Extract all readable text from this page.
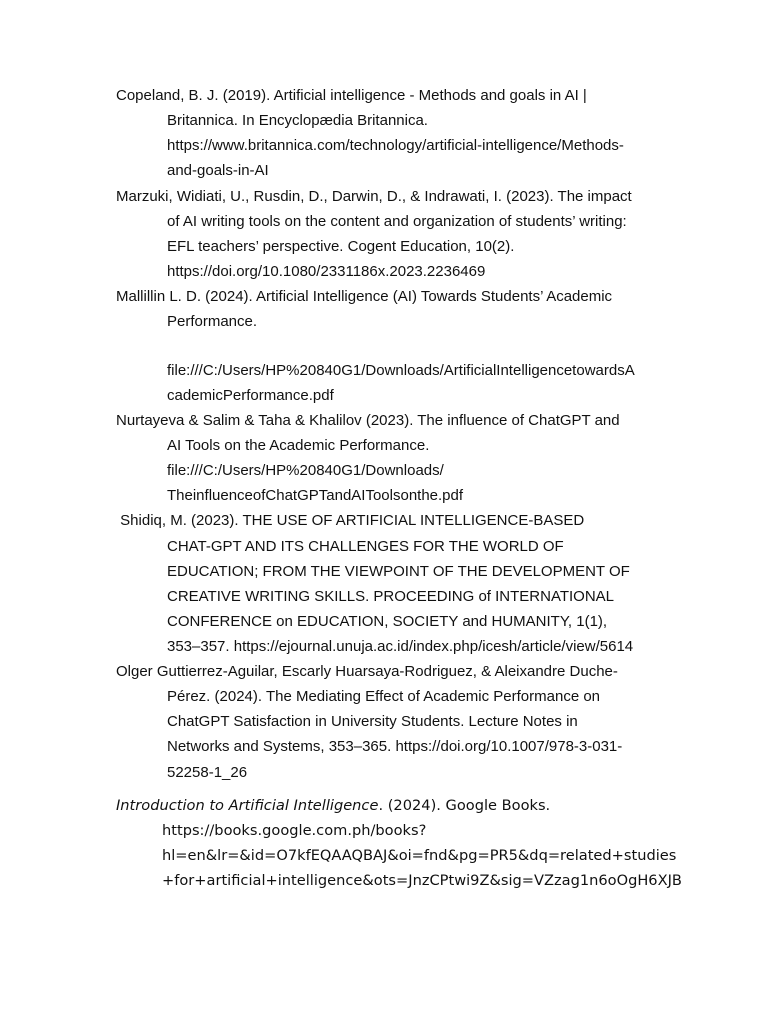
Copeland, B. J. (2019). Artificial intelligence - Methods and goals in AI |
Britannica. In Encyclopædia Britannica.
https://www.britannica.com/technology/artificial-intelligence/Methods-
and-goals-in-AI
Marzuki, Widiati, U., Rusdin, D., Darwin, D., & Indrawati, I. (2023). The impact
of AI writing tools on the content and organization of students’ writing:
EFL teachers’ perspective. Cogent Education, 10(2).
https://doi.org/10.1080/2331186x.2023.2236469
Mallillin L. D. (2024). Artificial Intelligence (AI) Towards Students’ Academic
Performance.
file:///C:/Users/HP%20840G1/Downloads/ArtificialIntelligencetowardsA
cademicPerformance.pdf
Nurtayeva & Salim & Taha & Khalilov (2023). The influence of ChatGPT and
AI Tools on the Academic Performance.
file:///C:/Users/HP%20840G1/Downloads/
TheinfluenceofChatGPTandAIToolsonthe.pdf
Shidiq, M. (2023). THE USE OF ARTIFICIAL INTELLIGENCE-BASED
CHAT-GPT AND ITS CHALLENGES FOR THE WORLD OF
EDUCATION; FROM THE VIEWPOINT OF THE DEVELOPMENT OF
CREATIVE WRITING SKILLS. PROCEEDING of INTERNATIONAL
CONFERENCE on EDUCATION, SOCIETY and HUMANITY, 1(1),
353–357. https://ejournal.unuja.ac.id/index.php/icesh/article/view/5614
Olger Guttierrez-Aguilar, Escarly Huarsaya-Rodriguez, & Aleixandre Duche-
Pérez. (2024). The Mediating Effect of Academic Performance on
ChatGPT Satisfaction in University Students. Lecture Notes in
Networks and Systems, 353–365. https://doi.org/10.1007/978-3-031-
52258-1_26
Introduction to Artificial Intelligence. (2024). Google Books.
https://books.google.com.ph/books?
hl=en&lr=&id=O7kfEQAAQBAJ&oi=fnd&pg=PR5&dq=related+studies
+for+artificial+intelligence&ots=JnzCPtwi9Z&sig=VZzag1n6oOgH6XJB
